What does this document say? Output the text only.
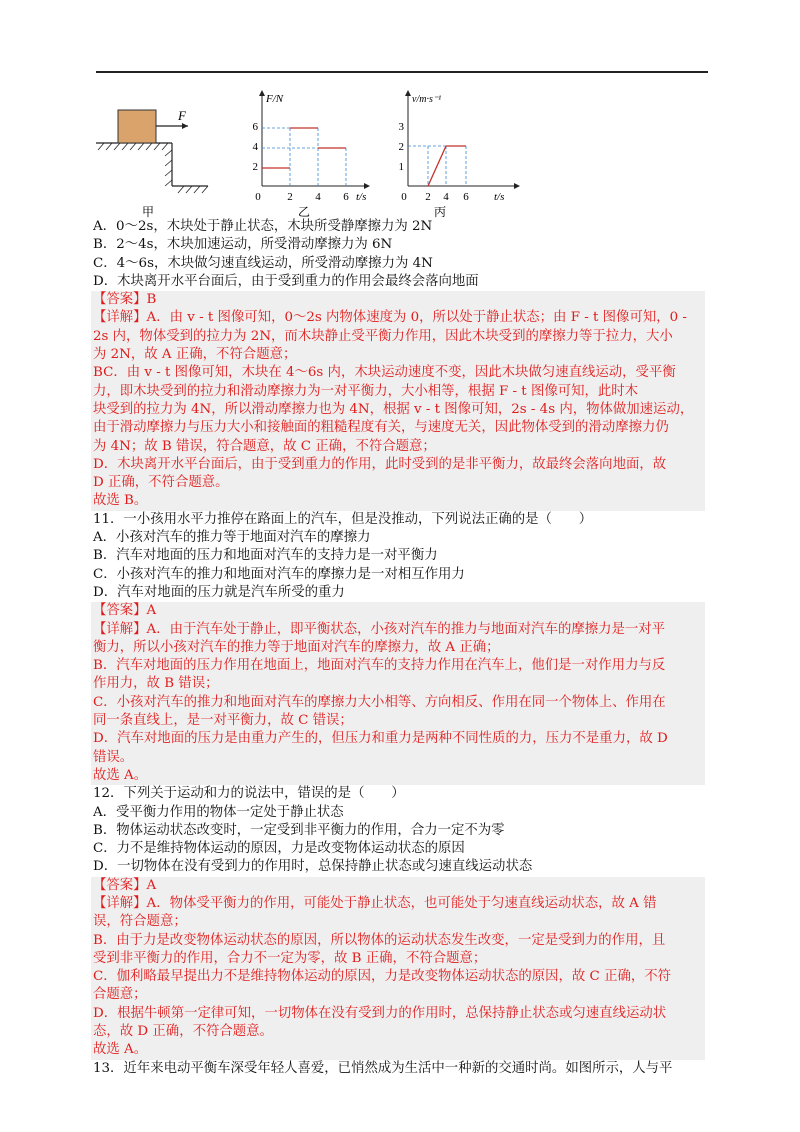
F
甲
F/N
2
4
6
0 2 4 6 t/s
乙
v/m·s⁻¹
1
2
3
0 2 4 6 t/s
丙
A．0～2s，木块处于静止状态，木块所受静摩擦力为 2N
B．2～4s，木块加速运动，所受滑动摩擦力为 6N
C．4～6s，木块做匀速直线运动，所受滑动摩擦力为 4N
D．木块离开水平台面后，由于受到重力的作用会最终会落向地面
【答案】B
【详解】A．由 v - t 图像可知，0～2s 内物体速度为 0，所以处于静止状态；由 F - t 图像可知，0 -
2s 内，物体受到的拉力为 2N，而木块静止受平衡力作用，因此木块受到的摩擦力等于拉力，大小
为 2N，故 A 正确，不符合题意；
BC．由 v - t 图像可知，木块在 4～6s 内，木块运动速度不变，因此木块做匀速直线运动，受平衡
力，即木块受到的拉力和滑动摩擦力为一对平衡力，大小相等，根据 F - t 图像可知，此时木
块受到的拉力为 4N，所以滑动摩擦力也为 4N，根据 v - t 图像可知，2s - 4s 内，物体做加速运动，
由于滑动摩擦力与压力大小和接触面的粗糙程度有关，与速度无关，因此物体受到的滑动摩擦力仍
为 4N；故 B 错误，符合题意，故 C 正确，不符合题意；
D．木块离开水平台面后，由于受到重力的作用，此时受到的是非平衡力，故最终会落向地面，故
D 正确，不符合题意。
故选 B。
11．一小孩用水平力推停在路面上的汽车，但是没推动，下列说法正确的是（　　）
A．小孩对汽车的推力等于地面对汽车的摩擦力
B．汽车对地面的压力和地面对汽车的支持力是一对平衡力
C．小孩对汽车的推力和地面对汽车的摩擦力是一对相互作用力
D．汽车对地面的压力就是汽车所受的重力
【答案】A
【详解】A．由于汽车处于静止，即平衡状态，小孩对汽车的推力与地面对汽车的摩擦力是一对平
衡力，所以小孩对汽车的推力等于地面对汽车的摩擦力，故 A 正确；
B．汽车对地面的压力作用在地面上，地面对汽车的支持力作用在汽车上，他们是一对作用力与反
作用力，故 B 错误；
C．小孩对汽车的推力和地面对汽车的摩擦力大小相等、方向相反、作用在同一个物体上、作用在
同一条直线上，是一对平衡力，故 C 错误；
D．汽车对地面的压力是由重力产生的，但压力和重力是两种不同性质的力，压力不是重力，故 D
错误。
故选 A。
12．下列关于运动和力的说法中，错误的是（　　）
A．受平衡力作用的物体一定处于静止状态
B．物体运动状态改变时，一定受到非平衡力的作用，合力一定不为零
C．力不是维持物体运动的原因，力是改变物体运动状态的原因
D．一切物体在没有受到力的作用时，总保持静止状态或匀速直线运动状态
【答案】A
【详解】A．物体受平衡力的作用，可能处于静止状态，也可能处于匀速直线运动状态，故 A 错
误，符合题意；
B．由于力是改变物体运动状态的原因，所以物体的运动状态发生改变，一定是受到力的作用，且
受到非平衡力的作用，合力不一定为零，故 B 正确，不符合题意；
C．伽利略最早提出力不是维持物体运动的原因，力是改变物体运动状态的原因，故 C 正确，不符
合题意；
D．根据牛顿第一定律可知，一切物体在没有受到力的作用时，总保持静止状态或匀速直线运动状
态，故 D 正确，不符合题意。
故选 A。
13．近年来电动平衡车深受年轻人喜爱，已悄然成为生活中一种新的交通时尚。如图所示，人与平
